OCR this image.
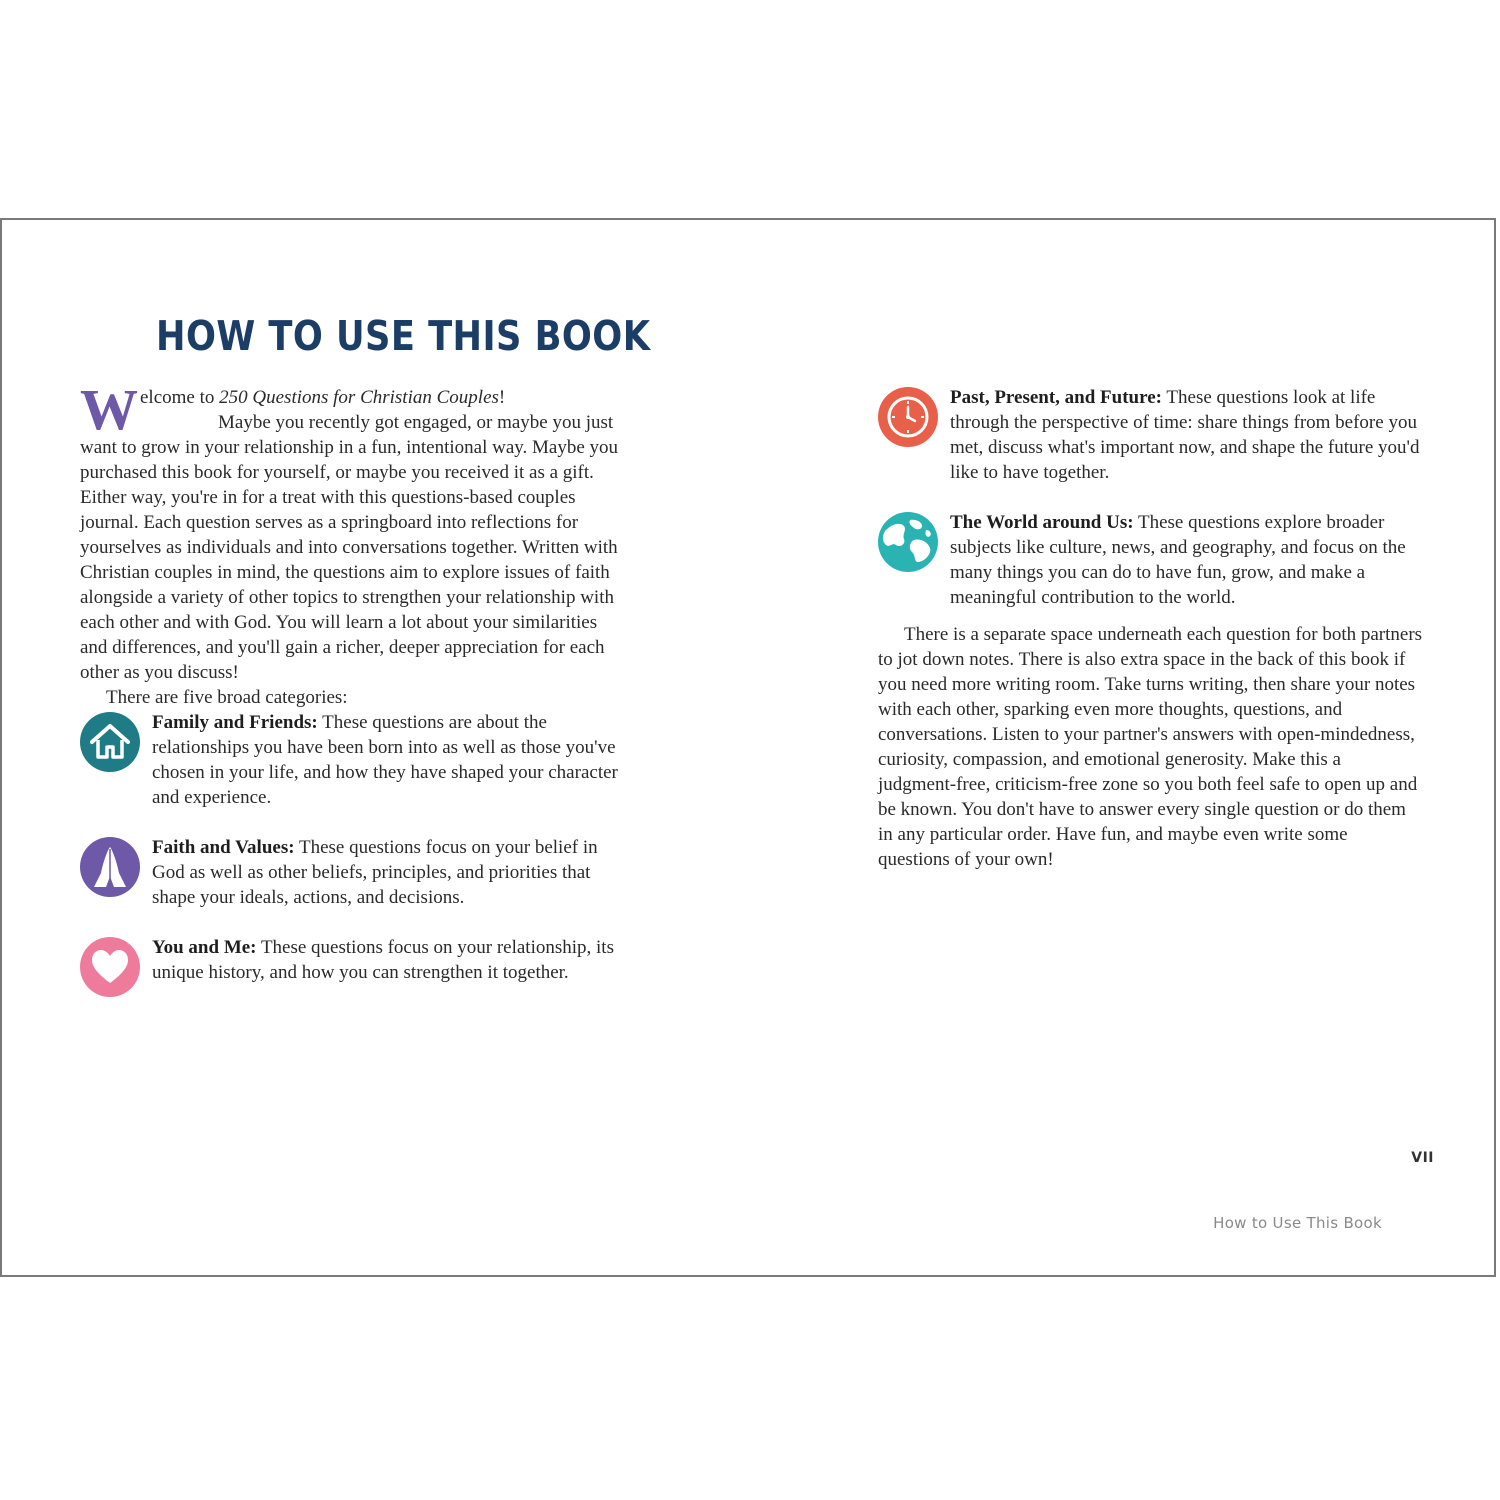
HOW TO USE THIS BOOK

Welcome to 250 Questions for Christian Couples!

Maybe you recently got engaged, or maybe you just want to grow in your relationship in a fun, intentional way. Maybe you purchased this book for yourself, or maybe you received it as a gift. Either way, you're in for a treat with this questions-based couples journal. Each question serves as a springboard into reflections for yourselves as individuals and into conversations together. Written with Christian couples in mind, the questions aim to explore issues of faith alongside a variety of other topics to strengthen your relationship with each other and with God. You will learn a lot about your similarities and differences, and you'll gain a richer, deeper appreciation for each other as you discuss!

There are five broad categories:

Family and Friends: These questions are about the relationships you have been born into as well as those you've chosen in your life, and how they have shaped your character and experience.
Faith and Values: These questions focus on your belief in God as well as other beliefs, principles, and priorities that shape your ideals, actions, and decisions.
You and Me: These questions focus on your relationship, its unique history, and how you can strengthen it together.
Past, Present, and Future: These questions look at life through the perspective of time: share things from before you met, discuss what's important now, and shape the future you'd like to have together.
The World around Us: These questions explore broader subjects like culture, news, and geography, and focus on the many things you can do to have fun, grow, and make a meaningful contribution to the world.

There is a separate space underneath each question for both partners to jot down notes. There is also extra space in the back of this book if you need more writing room. Take turns writing, then share your notes with each other, sparking even more thoughts, questions, and conversations. Listen to your partner's answers with open-mindedness, curiosity, compassion, and emotional generosity. Make this a judgment-free, criticism-free zone so you both feel safe to open up and be known. You don't have to answer every single question or do them in any particular order. Have fun, and maybe even write some questions of your own!

VII
How to Use This Book
